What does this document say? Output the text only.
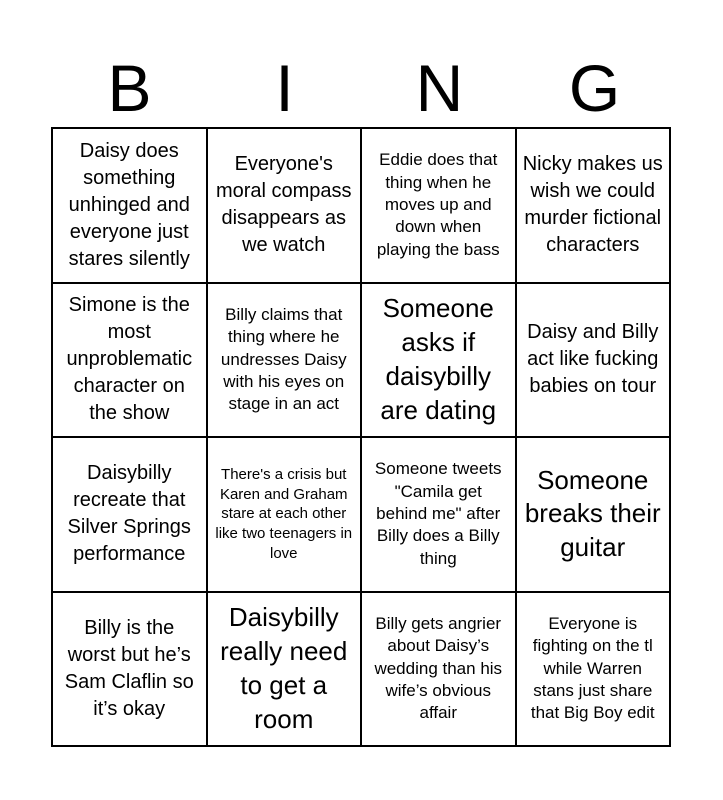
B	I	N	G
Daisy does something unhinged and everyone just stares silently
Everyone's moral compass disappears as we watch
Eddie does that thing when he moves up and down when playing the bass
Nicky makes us wish we could murder fictional characters
Simone is the most unproblematic character on the show
Billy claims that thing where he undresses Daisy with his eyes on stage in an act
Someone asks if daisybilly are dating
Daisy and Billy act like fucking babies on tour
Daisybilly recreate that Silver Springs performance
There's a crisis but Karen and Graham stare at each other like two teenagers in love
Someone tweets "Camila get behind me" after Billy does a Billy thing
Someone breaks their guitar
Billy is the worst but he’s Sam Claflin so it’s okay
Daisybilly really need to get a room
Billy gets angrier about Daisy’s wedding than his wife’s obvious affair
Everyone is fighting on the tl while Warren stans just share that Big Boy edit
